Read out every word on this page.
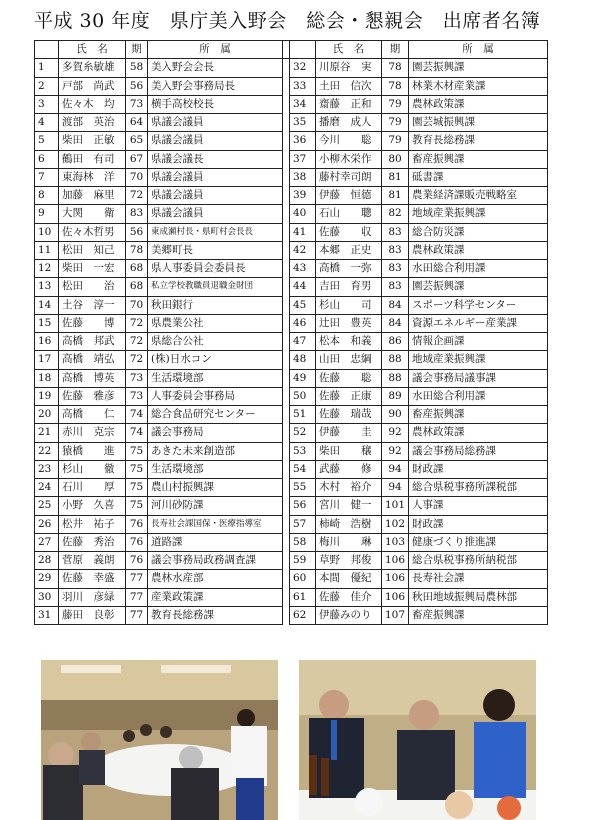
平成 30 年度　県庁美入野会　総会・懇親会　出席者名簿
	氏　名	期	所　属			氏　名	期	所　属
1	多賀糸敏雄	58	美入野会会長		32	川原谷　実	78	園芸振興課
2	戸部　尚武	56	美入野会事務局長		33	土田　信次	78	林業木材産業課
3	佐々木　均	73	横手高校校長		34	齋藤　正和	79	農林政策課
4	渡部　英治	64	県議会議員		35	播磨　成人	79	園芸城振興課
5	柴田　正敏	65	県議会議員		36	今川　　聡	79	教育長総務課
6	鶴田　有司	67	県議会議長		37	小柳木栄作	80	畜産振興課
7	東海林　洋	70	県議会議員		38	藤村幸司朗	81	砥書課
8	加藤　麻里	72	県議会議員		39	伊藤　恒德	81	農業経済課販売戦略室
9	大関　　衛	83	県議会議員		40	石山　　聰	82	地域産業振興課
10	佐々木哲男	56	東成瀬村長・県町村会長長		41	佐藤　　収	83	総合防災課
11	松田　知己	78	美郷町長		42	本郷　正史	83	農林政策課
12	柴田　一宏	68	県人事委員会委員長		43	高橋　一弥	83	水田総合利用課
13	松田　　治	68	私立学校教職員退職金財団		44	吉田　育男	83	園芸振興課
14	土谷　淳一	70	秋田銀行		45	杉山　　司	84	スポーツ科学センター
15	佐藤　　博	72	県農業公社		46	辻田　豊英	84	資源エネルギー産業課
16	高橋　邦武	72	県総合公社		47	松本　和義	86	情報企画課
17	高橋　靖弘	72	(株)日水コン		48	山田　忠綱	88	地域産業振興課
18	高橋　博英	73	生活環境部		49	佐藤　　聡	88	議会事務局議事課
19	佐藤　雅彦	73	人事委員会事務局		50	佐藤　正康	89	水田総合利用課
20	高橋　　仁	74	総合食品研究センター		51	佐藤　瑞哉	90	畜産振興課
21	赤川　克宗	74	議会事務局		52	伊藤　　圭	92	農林政策課
22	猿橋　　進	75	あきた未来創造部		53	柴田　　穣	92	議会事務局総務課
23	杉山　　徹	75	生活環境部		54	武藤　　修	94	財政課
24	石川　　厚	75	農山村振興課		55	木村　裕介	94	総合県税事務所課税部
25	小野　久喜	75	河川砂防課		56	宮川　健一	101	人事課
26	松井　祐子	76	長寿社会課国保・医療指導室		57	柿崎　浩樹	102	財政課
27	佐藤　秀治	76	道路課		58	梅川　　琳	103	健康づくり推進課
28	菅原　義朗	76	議会事務局政務調査課		59	草野　邦俊	106	総合県税事務所納税部
29	佐藤　幸盛	77	農林水産部		60	本間　優紀	106	長寿社会課
30	羽川　彦緑	77	産業政策課		61	佐藤　佳介	106	秋田地域振興局農林部
31	藤田　良彰	77	教育長総務課		62	伊藤みのり	107	畜産振興課
